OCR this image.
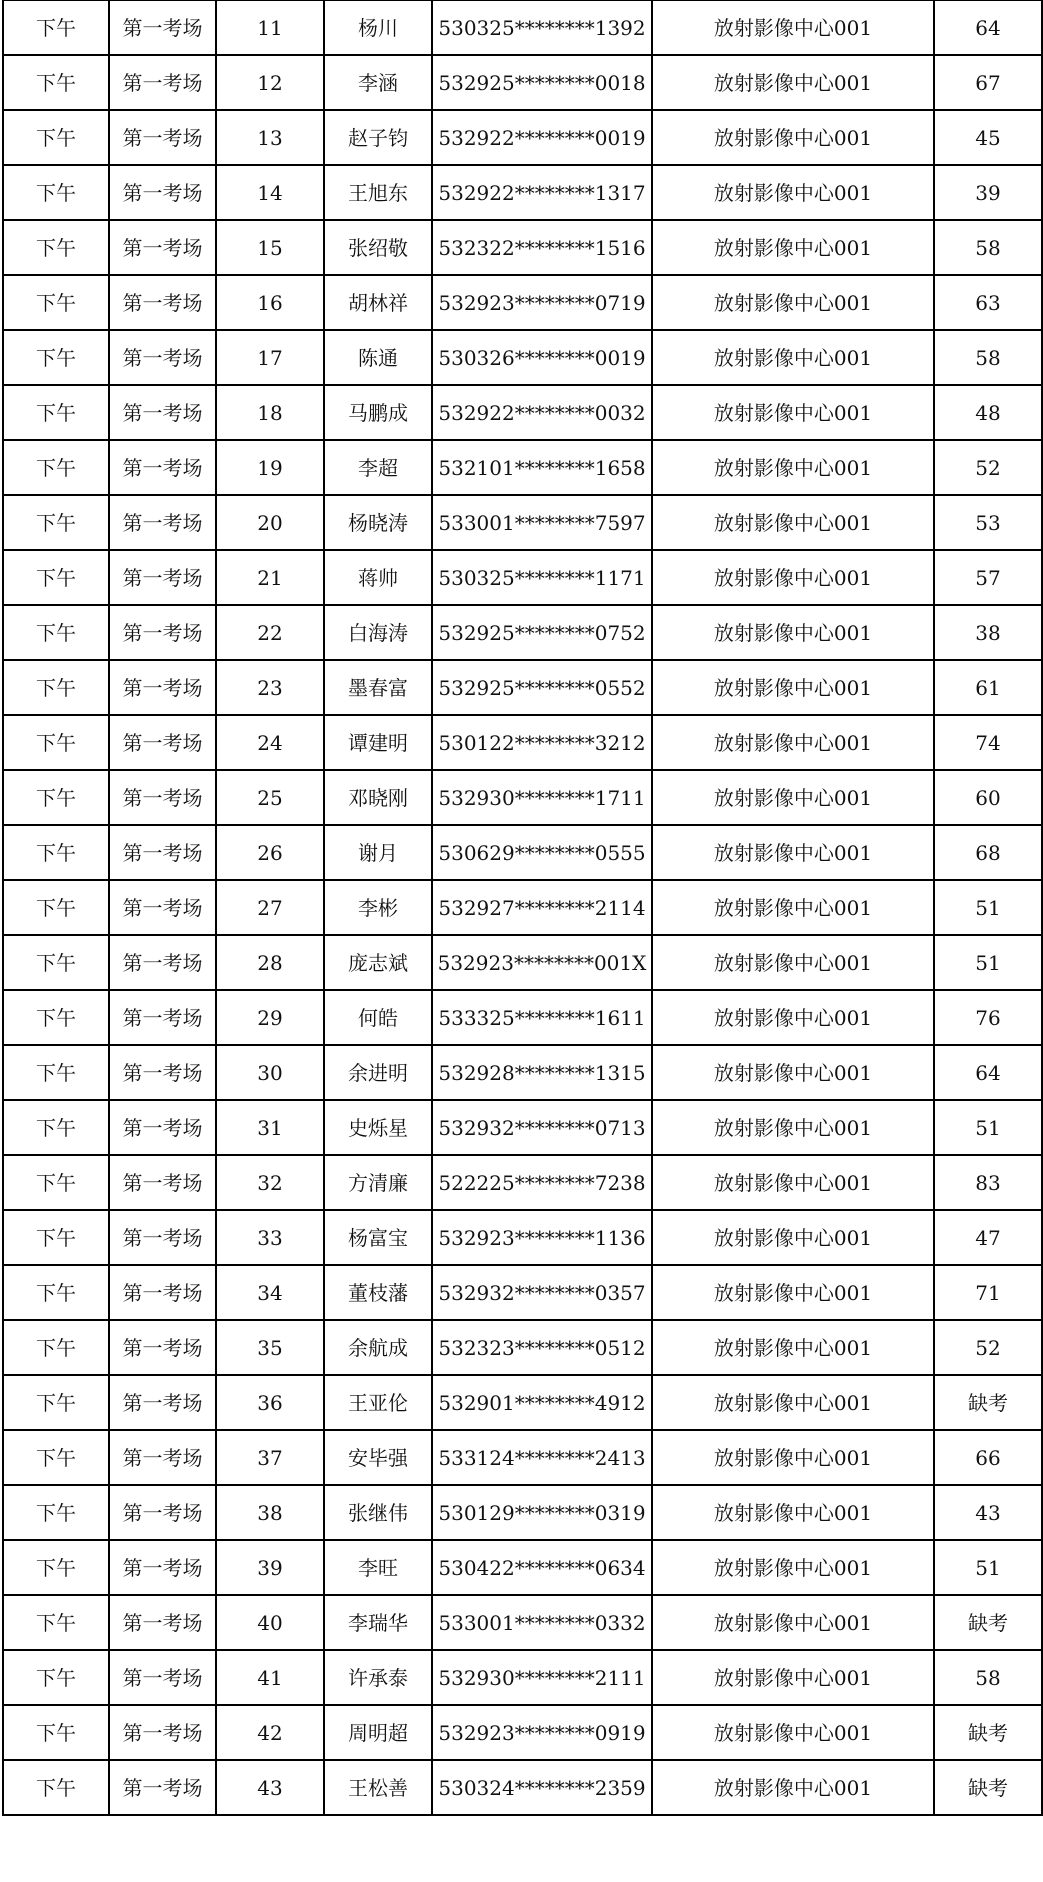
下午	第一考场	11	杨川	530325********1392	放射影像中心001	64
下午	第一考场	12	李涵	532925********0018	放射影像中心001	67
下午	第一考场	13	赵子钧	532922********0019	放射影像中心001	45
下午	第一考场	14	王旭东	532922********1317	放射影像中心001	39
下午	第一考场	15	张绍敬	532322********1516	放射影像中心001	58
下午	第一考场	16	胡林祥	532923********0719	放射影像中心001	63
下午	第一考场	17	陈通	530326********0019	放射影像中心001	58
下午	第一考场	18	马鹏成	532922********0032	放射影像中心001	48
下午	第一考场	19	李超	532101********1658	放射影像中心001	52
下午	第一考场	20	杨晓涛	533001********7597	放射影像中心001	53
下午	第一考场	21	蒋帅	530325********1171	放射影像中心001	57
下午	第一考场	22	白海涛	532925********0752	放射影像中心001	38
下午	第一考场	23	墨春富	532925********0552	放射影像中心001	61
下午	第一考场	24	谭建明	530122********3212	放射影像中心001	74
下午	第一考场	25	邓晓刚	532930********1711	放射影像中心001	60
下午	第一考场	26	谢月	530629********0555	放射影像中心001	68
下午	第一考场	27	李彬	532927********2114	放射影像中心001	51
下午	第一考场	28	庞志斌	532923********001X	放射影像中心001	51
下午	第一考场	29	何皓	533325********1611	放射影像中心001	76
下午	第一考场	30	余进明	532928********1315	放射影像中心001	64
下午	第一考场	31	史烁星	532932********0713	放射影像中心001	51
下午	第一考场	32	方清廉	522225********7238	放射影像中心001	83
下午	第一考场	33	杨富宝	532923********1136	放射影像中心001	47
下午	第一考场	34	董枝藩	532932********0357	放射影像中心001	71
下午	第一考场	35	余航成	532323********0512	放射影像中心001	52
下午	第一考场	36	王亚伦	532901********4912	放射影像中心001	缺考
下午	第一考场	37	安毕强	533124********2413	放射影像中心001	66
下午	第一考场	38	张继伟	530129********0319	放射影像中心001	43
下午	第一考场	39	李旺	530422********0634	放射影像中心001	51
下午	第一考场	40	李瑞华	533001********0332	放射影像中心001	缺考
下午	第一考场	41	许承泰	532930********2111	放射影像中心001	58
下午	第一考场	42	周明超	532923********0919	放射影像中心001	缺考
下午	第一考场	43	王松善	530324********2359	放射影像中心001	缺考
